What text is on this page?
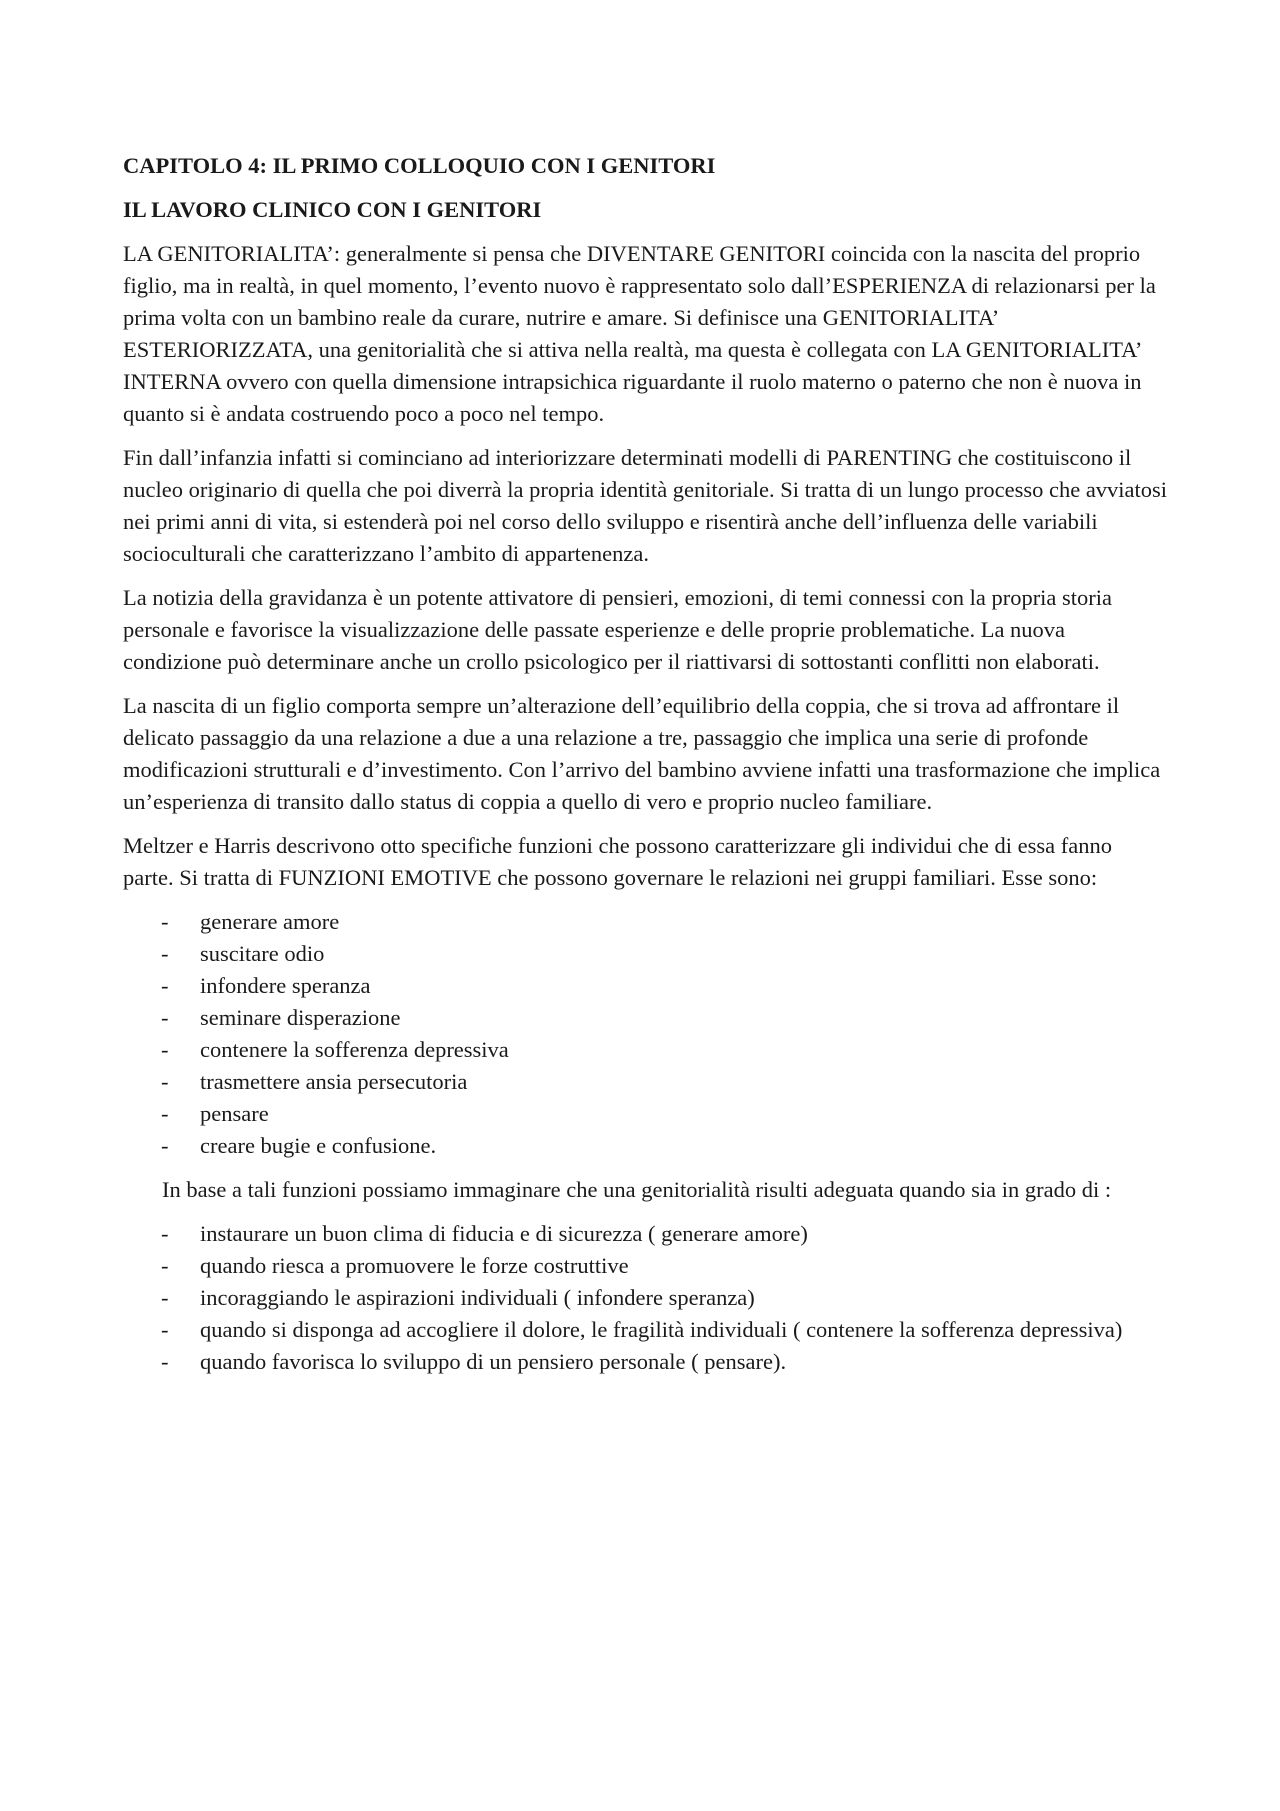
CAPITOLO 4: IL PRIMO COLLOQUIO CON I GENITORI
IL LAVORO CLINICO CON I GENITORI

LA GENITORIALITA’: generalmente si pensa che DIVENTARE GENITORI coincida con la nascita del proprio figlio, ma in realtà, in quel momento, l’evento nuovo è rappresentato solo dall’ESPERIENZA di relazionarsi per la prima volta con un bambino reale da curare, nutrire e amare. Si definisce una GENITORIALITA’ ESTERIORIZZATA, una genitorialità che si attiva nella realtà, ma questa è collegata con LA GENITORIALITA’ INTERNA ovvero con quella dimensione intrapsichica riguardante il ruolo materno o paterno che non è nuova in quanto si è andata costruendo poco a poco nel tempo.

Fin dall’infanzia infatti si cominciano ad interiorizzare determinati modelli di PARENTING che costituiscono il nucleo originario di quella che poi diverrà la propria identità genitoriale. Si tratta di un lungo processo che avviatosi nei primi anni di vita, si estenderà poi nel corso dello sviluppo e risentirà anche dell’influenza delle variabili socioculturali che caratterizzano l’ambito di appartenenza.

La notizia della gravidanza è un potente attivatore di pensieri, emozioni, di temi connessi con la propria storia personale e favorisce la visualizzazione delle passate esperienze e delle proprie problematiche. La nuova condizione può determinare anche un crollo psicologico per il riattivarsi di sottostanti conflitti non elaborati.

La nascita di un figlio comporta sempre un’alterazione dell’equilibrio della coppia, che si trova ad affrontare il delicato passaggio da una relazione a due a una relazione a tre, passaggio che implica una serie di profonde modificazioni strutturali e d’investimento. Con l’arrivo del bambino avviene infatti una trasformazione che implica un’esperienza di transito dallo status di coppia a quello di vero e proprio nucleo familiare.

Meltzer e Harris descrivono otto specifiche funzioni che possono caratterizzare gli individui che di essa fanno parte. Si tratta di FUNZIONI EMOTIVE che possono governare le relazioni nei gruppi familiari. Esse sono:

- generare amore
- suscitare odio
- infondere speranza
- seminare disperazione
- contenere la sofferenza depressiva
- trasmettere ansia persecutoria
- pensare
- creare bugie e confusione.

In base a tali funzioni possiamo immaginare che una genitorialità risulti adeguata quando sia in grado di :

- instaurare un buon clima di fiducia e di sicurezza ( generare amore)
- quando riesca a promuovere le forze costruttive
- incoraggiando le aspirazioni individuali ( infondere speranza)
- quando si disponga ad accogliere il dolore, le fragilità individuali ( contenere la sofferenza depressiva)
- quando favorisca lo sviluppo di un pensiero personale ( pensare).
